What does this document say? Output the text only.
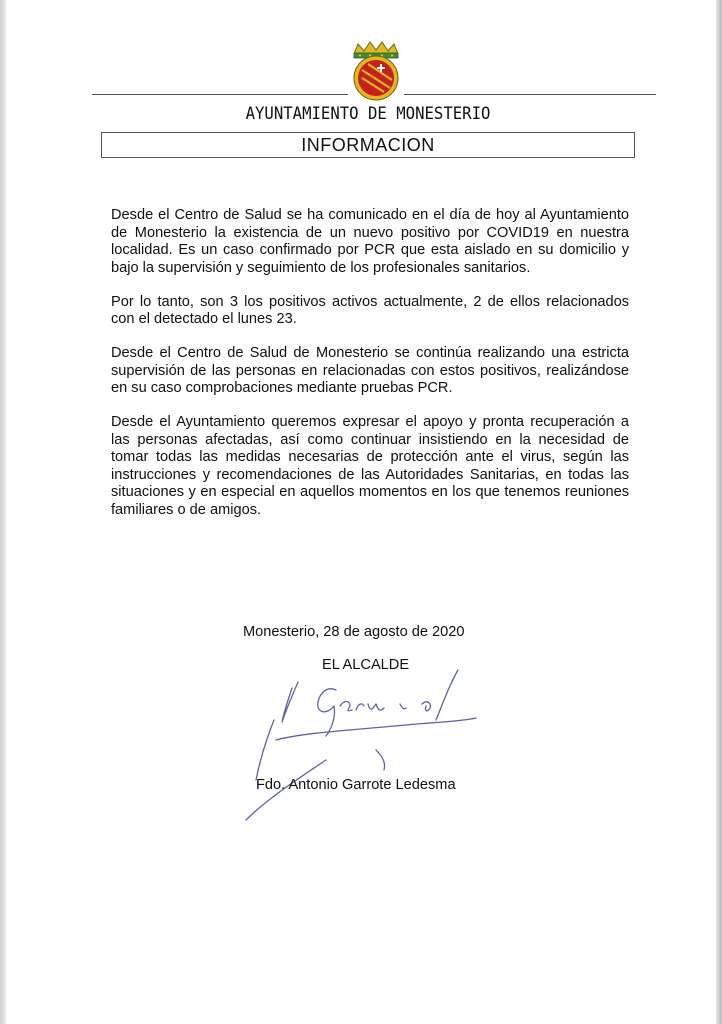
AYUNTAMIENTO DE MONESTERIO
INFORMACION

Desde el Centro de Salud se ha comunicado en el día de hoy al Ayuntamiento de Monesterio la existencia de un nuevo positivo por COVID19 en nuestra localidad. Es un caso confirmado por PCR que esta aislado en su domicilio y bajo la supervisión y seguimiento de los profesionales sanitarios.

Por lo tanto, son 3 los positivos activos actualmente, 2 de ellos relacionados con el detectado el lunes 23.

Desde el Centro de Salud de Monesterio se continúa realizando una estricta supervisión de las personas en relacionadas con estos positivos, realizándose en su caso comprobaciones mediante pruebas PCR.

Desde el Ayuntamiento queremos expresar el apoyo y pronta recuperación a las personas afectadas, así como continuar insistiendo en la necesidad de tomar todas las medidas necesarias de protección ante el virus, según las instrucciones y recomendaciones de las Autoridades Sanitarias, en todas las situaciones y en especial en aquellos momentos en los que tenemos reuniones familiares o de amigos.

Monesterio, 28 de agosto de 2020
EL ALCALDE
Fdo. Antonio Garrote Ledesma
